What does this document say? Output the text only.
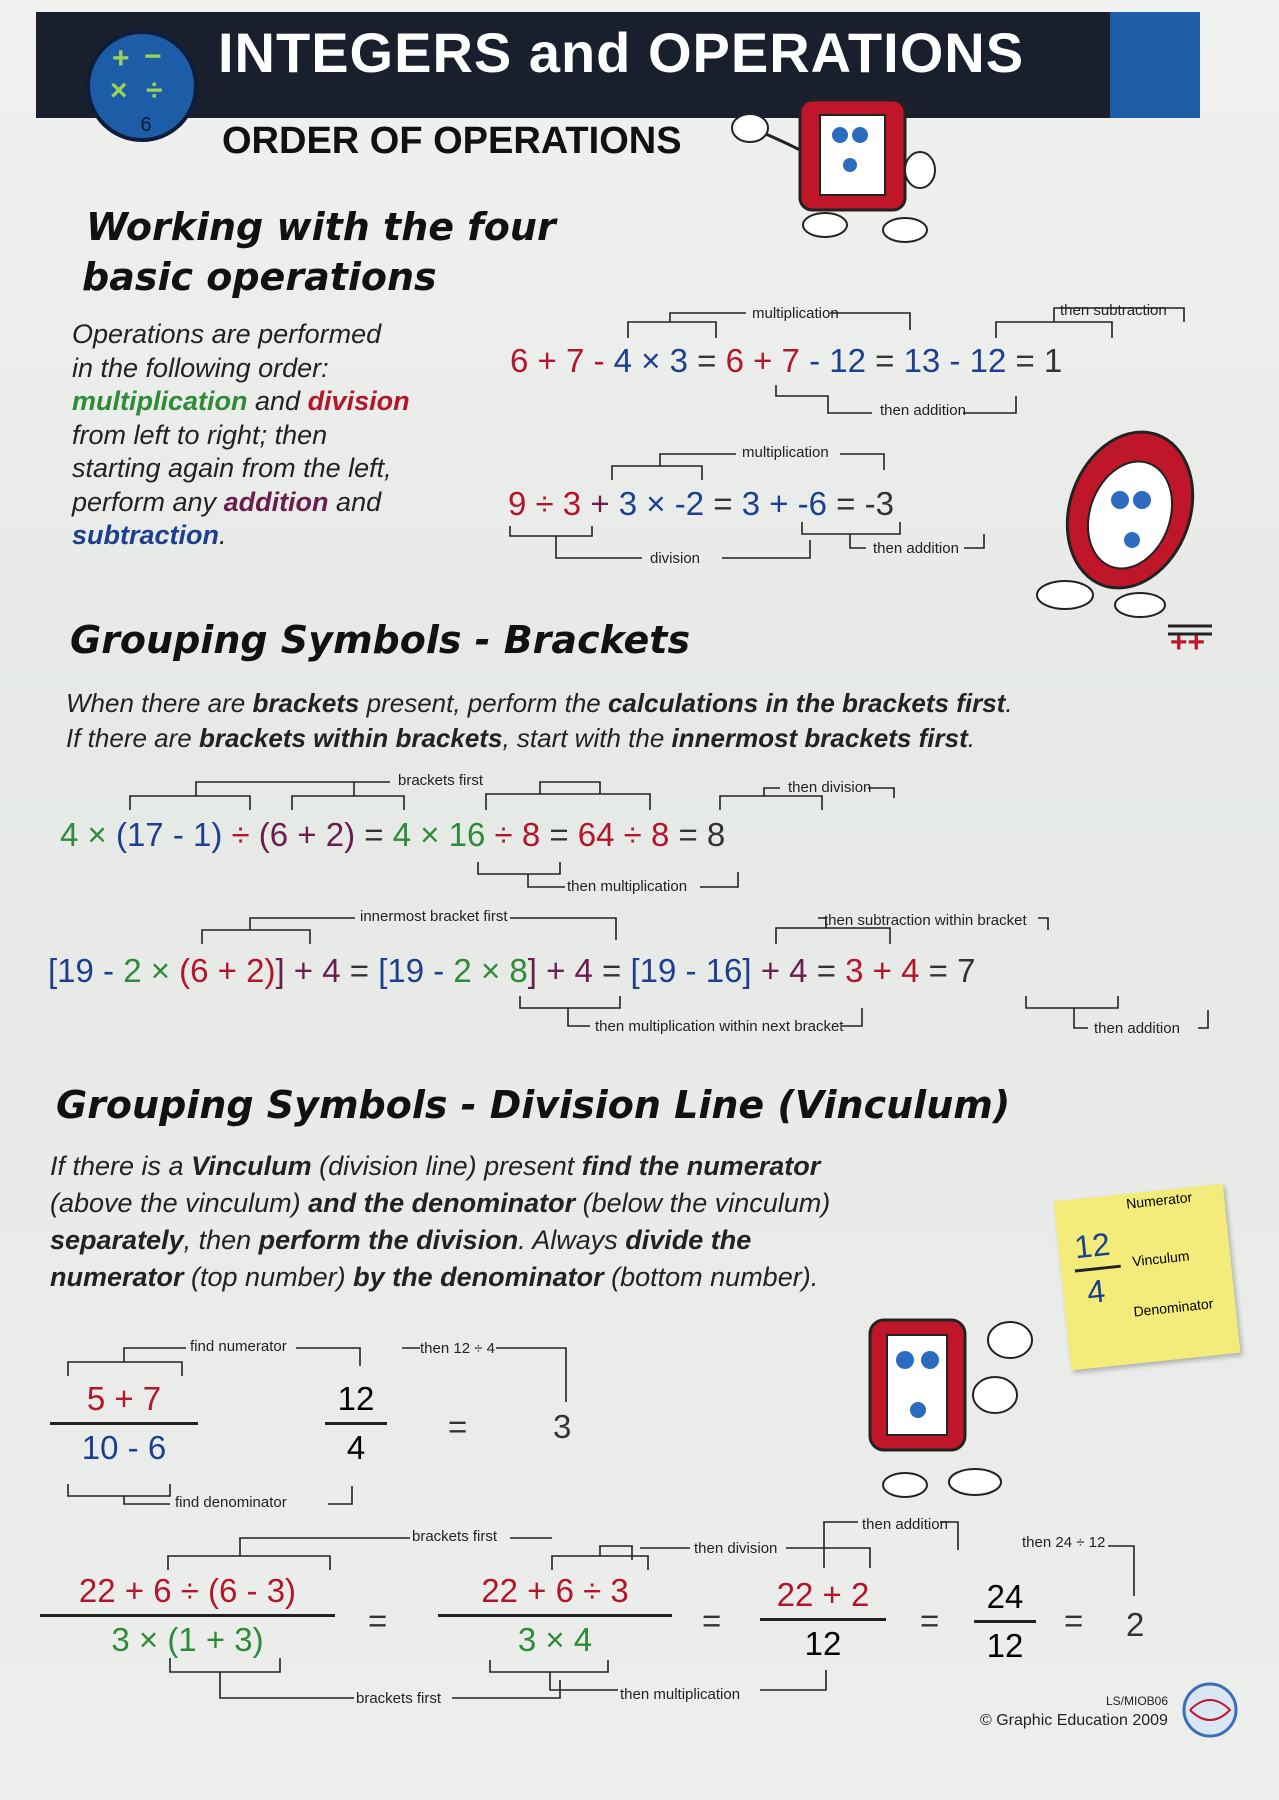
+ −
× ÷
6
INTEGERS and OPERATIONS
ORDER OF OPERATIONS
++
Working with the four
basic operations
Operations are performed
in the following order:
multiplication and division
from left to right; then
starting again from the left,
perform any addition and
subtraction.
6 + 7 - 4 × 3 = 6 + 7 - 12 = 13 - 12 = 1
multiplication	then subtraction
then addition
9 ÷ 3 + 3 × -2 = 3 + -6 = -3
multiplication
division
then addition
Grouping Symbols - Brackets
When there are brackets present, perform the calculations in the brackets first.
If there are brackets within brackets, start with the innermost brackets first.
4 × (17 - 1) ÷ (6 + 2) = 4 × 16 ÷ 8 = 64 ÷ 8 = 8
brackets first	then division
then multiplication
[19 - 2 × (6 + 2)] + 4 = [19 - 2 × 8] + 4 = [19 - 16] + 4 = 3 + 4 = 7
innermost bracket first	then subtraction within bracket
then multiplication within next bracket	then addition
Grouping Symbols - Division Line (Vinculum)
If there is a Vinculum (division line) present find the numerator
(above the vinculum) and the denominator (below the vinculum)
separately, then perform the division. Always divide the
numerator (top number) by the denominator (bottom number).
Numerator
12 Vinculum
4 Denominator
5 + 7
10 - 6
12
4
=	3
find numerator	then 12 ÷ 4
find denominator
22 + 6 ÷ (6 - 3)
3 × (1 + 3)
=
22 + 6 ÷ 3
3 × 4
=
22 + 2
12
=
24
12
= 2
brackets first
then division
then addition
then 24 ÷ 12
brackets first	then multiplication	LS/MIOB06
© Graphic Education 2009
